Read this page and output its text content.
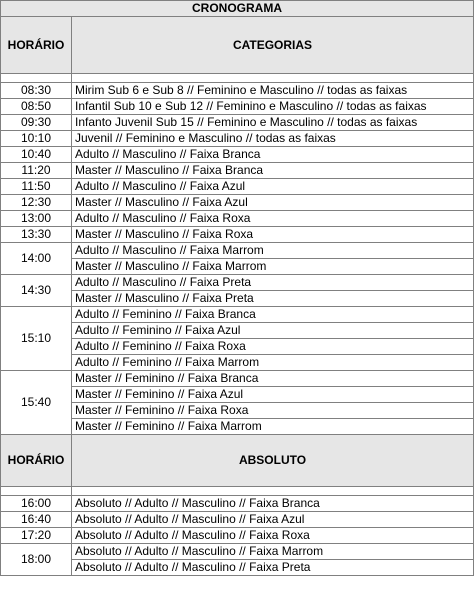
CRONOGRAMA	
HORÁRIO	CATEGORIAS

08:30	Mirim Sub 6 e Sub 8 // Feminino e Masculino // todas as faixas
08:50	Infantil Sub 10 e Sub 12 // Feminino e Masculino // todas as faixas
09:30	Infanto Juvenil Sub 15 // Feminino e Masculino // todas as faixas
10:10	Juvenil // Feminino e Masculino // todas as faixas
10:40	Adulto // Masculino // Faixa Branca
11:20	Master // Masculino // Faixa Branca
11:50	Adulto // Masculino // Faixa Azul
12:30	Master // Masculino // Faixa Azul
13:00	Adulto // Masculino // Faixa Roxa
13:30	Master // Masculino // Faixa Roxa
14:00	Adulto // Masculino // Faixa Marrom
	Master // Masculino // Faixa Marrom
14:30	Adulto // Masculino // Faixa Preta
	Master // Masculino // Faixa Preta
15:10	Adulto // Feminino // Faixa Branca
	Adulto // Feminino // Faixa Azul
	Adulto // Feminino // Faixa Roxa
	Adulto // Feminino // Faixa Marrom
15:40	Master // Feminino // Faixa Branca
	Master // Feminino // Faixa Azul
	Master // Feminino // Faixa Roxa
	Master // Feminino // Faixa Marrom
HORÁRIO	ABSOLUTO

16:00	Absoluto // Adulto // Masculino // Faixa Branca
16:40	Absoluto // Adulto // Masculino // Faixa Azul
17:20	Absoluto // Adulto // Masculino // Faixa Roxa
18:00	Absoluto // Adulto // Masculino // Faixa Marrom
	Absoluto // Adulto // Masculino // Faixa Preta
